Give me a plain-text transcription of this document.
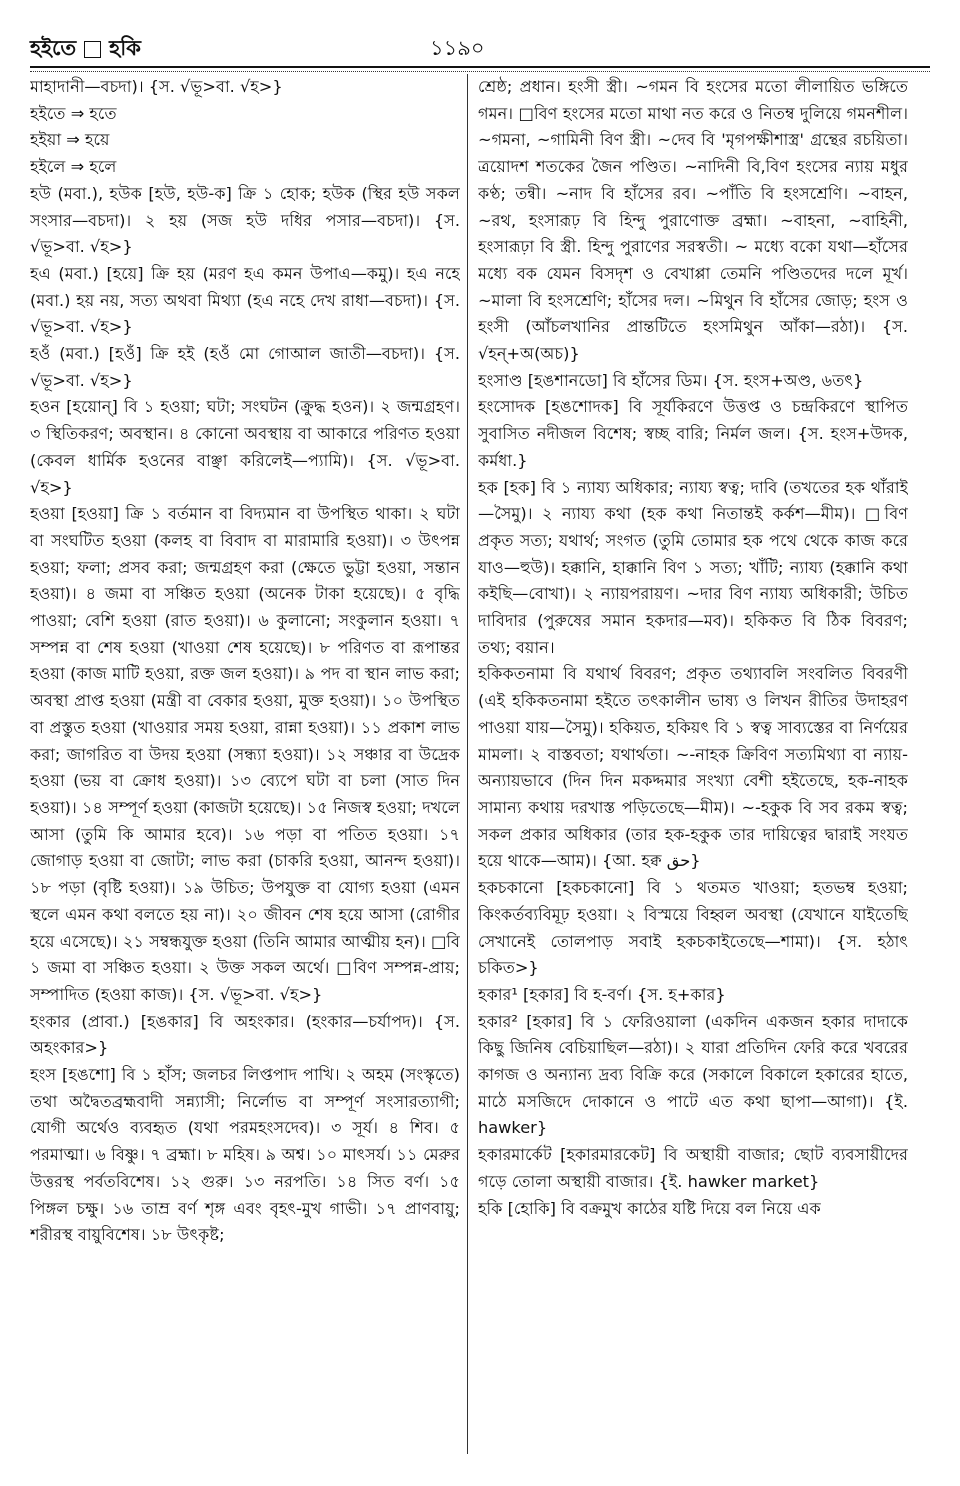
হইতে হকি	১১৯০

মাহাদানী—বচদা)। {স. √ভূ>বা. √হ>}

হইতে ⇒ হতে

হইয়া ⇒ হয়ে

হইলে ⇒ হলে

হউ (মবা.), হউক [হউ, হউ-ক] ক্রি ১ হোক; হউক (স্থির হউ সকল সংসার—বচদা)। ২ হয় (সজ হউ দধির পসার—বচদা)। {স. √ভূ>বা. √হ>}

হএ (মবা.) [হয়ে] ক্রি হয় (মরণ হএ কমন উপাএ—কমু)। হএ নহে (মবা.) হয় নয়, সত্য অথবা মিথ্যা (হএ নহে দেখ রাধা—বচদা)। {স. √ভূ>বা. √হ>}

হওঁ (মবা.) [হওঁ] ক্রি হই (হওঁ মো গোআল জাতী—বচদা)। {স. √ভূ>বা. √হ>}

হওন [হয়োন্] বি ১ হওয়া; ঘটা; সংঘটন (ক্রুদ্ধ হওন)। ২ জন্মগ্রহণ। ৩ স্থিতিকরণ; অবস্থান। ৪ কোনো অবস্থায় বা আকারে পরিণত হওয়া (কেবল ধার্মিক হওনের বাঞ্ছা করিলেই—প্যামি)। {স. √ভূ>বা. √হ>}

হওয়া [হওয়া] ক্রি ১ বর্তমান বা বিদ্যমান বা উপস্থিত থাকা। ২ ঘটা বা সংঘটিত হওয়া (কলহ বা বিবাদ বা মারামারি হওয়া)। ৩ উৎপন্ন হওয়া; ফলা; প্রসব করা; জন্মগ্রহণ করা (ক্ষেতে ভুট্টা হওয়া, সন্তান হওয়া)। ৪ জমা বা সঞ্চিত হওয়া (অনেক টাকা হয়েছে)। ৫ বৃদ্ধি পাওয়া; বেশি হওয়া (রাত হওয়া)। ৬ কুলানো; সংকুলান হওয়া। ৭ সম্পন্ন বা শেষ হওয়া (খাওয়া শেষ হয়েছে)। ৮ পরিণত বা রূপান্তর হওয়া (কাজ মাটি হওয়া, রক্ত জল হওয়া)। ৯ পদ বা স্থান লাভ করা; অবস্থা প্রাপ্ত হওয়া (মন্ত্রী বা বেকার হওয়া, মুক্ত হওয়া)। ১০ উপস্থিত বা প্রস্তুত হওয়া (খাওয়ার সময় হওয়া, রান্না হওয়া)। ১১ প্রকাশ লাভ করা; জাগরিত বা উদয় হওয়া (সন্ধ্যা হওয়া)। ১২ সঞ্চার বা উদ্রেক হওয়া (ভয় বা ক্রোধ হওয়া)। ১৩ ব্যেপে ঘটা বা চলা (সাত দিন হওয়া)। ১৪ সম্পূর্ণ হওয়া (কাজটা হয়েছে)। ১৫ নিজস্ব হওয়া; দখলে আসা (তুমি কি আমার হবে)। ১৬ পড়া বা পতিত হওয়া। ১৭ জোগাড় হওয়া বা জোটা; লাভ করা (চাকরি হওয়া, আনন্দ হওয়া)। ১৮ পড়া (বৃষ্টি হওয়া)। ১৯ উচিত; উপযুক্ত বা যোগ্য হওয়া (এমন স্থলে এমন কথা বলতে হয় না)। ২০ জীবন শেষ হয়ে আসা (রোগীর হয়ে এসেছে)। ২১ সম্বন্ধযুক্ত হওয়া (তিনি আমার আত্মীয় হন)। □বি ১ জমা বা সঞ্চিত হওয়া। ২ উক্ত সকল অর্থে। □বিণ সম্পন্ন-প্রায়; সম্পাদিত (হওয়া কাজ)। {স. √ভূ>বা. √হ>}

হংকার (প্রাবা.) [হঙকার] বি অহংকার। (হংকার—চর্যাপদ)। {স. অহংকার>}

হংস [হঙশো] বি ১ হাঁস; জলচর লিপ্তপাদ পাখি। ২ অহম (সংস্কৃতে) তথা অদ্বৈতব্রহ্মবাদী সন্ন্যাসী; নির্লোভ বা সম্পূর্ণ সংসারত্যাগী; যোগী অর্থেও ব্যবহৃত (যথা পরমহংসদেব)। ৩ সূর্য। ৪ শিব। ৫ পরমাত্মা। ৬ বিষ্ণু। ৭ ব্রহ্মা। ৮ মহিষ। ৯ অশ্ব। ১০ মাৎসর্য। ১১ মেরুর উত্তরস্থ পর্বতবিশেষ। ১২ গুরু। ১৩ নরপতি। ১৪ সিত বর্ণ। ১৫ পিঙ্গল চক্ষু। ১৬ তাম্র বর্ণ শৃঙ্গ এবং বৃহৎ-মুখ গাভী। ১৭ প্রাণবায়ু; শরীরস্থ বায়ুবিশেষ। ১৮ উৎকৃষ্ট;

শ্রেষ্ঠ; প্রধান। হংসী স্ত্রী। ~গমন বি হংসের মতো লীলায়িত ভঙ্গিতে গমন। □বিণ হংসের মতো মাথা নত করে ও নিতম্ব দুলিয়ে গমনশীল। ~গমনা, ~গামিনী বিণ স্ত্রী। ~দেব বি 'মৃগপক্ষীশাস্ত্র' গ্রন্থের রচয়িতা। ত্রয়োদশ শতকের জৈন পণ্ডিত। ~নাদিনী বি,বিণ হংসের ন্যায় মধুর কণ্ঠ; তন্বী। ~নাদ বি হাঁসের রব। ~পাঁতি বি হংসশ্রেণি। ~বাহন, ~রথ, হংসারূঢ় বি হিন্দু পুরাণোক্ত ব্রহ্মা। ~বাহনা, ~বাহিনী, হংসারূঢ়া বি স্ত্রী. হিন্দু পুরাণের সরস্বতী। ~ মধ্যে বকো যথা—হাঁসের মধ্যে বক যেমন বিসদৃশ ও বেখাপ্পা তেমনি পণ্ডিতদের দলে মূর্খ। ~মালা বি হংসশ্রেণি; হাঁসের দল। ~মিথুন বি হাঁসের জোড়; হংস ও হংসী (আঁচলখানির প্রান্তটিতে হংসমিথুন আঁকা—রঠা)। {স. √হন্+অ(অচ)}

হংসাণ্ড [হঙশানডো] বি হাঁসের ডিম। {স. হংস+অণ্ড, ৬তৎ}

হংসোদক [হঙশোদক] বি সূর্যকিরণে উত্তপ্ত ও চন্দ্রকিরণে স্থাপিত সুবাসিত নদীজল বিশেষ; স্বচ্ছ বারি; নির্মল জল। {স. হংস+উদক, কর্মধা.}

হক [হক] বি ১ ন্যায্য অধিকার; ন্যায্য স্বত্ব; দাবি (তখতের হক থাঁরাই—সৈমু)। ২ ন্যায্য কথা (হক কথা নিতান্তই কর্কশ—মীম)। □বিণ প্রকৃত সত্য; যথার্থ; সংগত (তুমি তোমার হক পথে থেকে কাজ করে যাও—হুউ)। হক্কানি, হাক্কানি বিণ ১ সত্য; খাঁটি; ন্যায্য (হক্কানি কথা কইছি—বোখা)। ২ ন্যায়পরায়ণ। ~দার বিণ ন্যায্য অধিকারী; উচিত দাবিদার (পুরুষের সমান হকদার—মব)। হকিকত বি ঠিক বিবরণ; তথ্য; বয়ান।

হকিকতনামা বি যথার্থ বিবরণ; প্রকৃত তথ্যাবলি সংবলিত বিবরণী (এই হকিকতনামা হইতে তৎকালীন ভাষ্য ও লিখন রীতির উদাহরণ পাওয়া যায়—সৈমু)। হকিয়ত, হকিয়ৎ বি ১ স্বত্ব সাব্যস্তের বা নির্ণয়ের মামলা। ২ বাস্তবতা; যথার্থতা। ~-নাহক ক্রিবিণ সত্যমিথ্যা বা ন্যায়-অন্যায়ভাবে (দিন দিন মকদ্দমার সংখ্যা বেশী হইতেছে, হক-নাহক সামান্য কথায় দরখাস্ত পড়িতেছে—মীম)। ~-হকুক বি সব রকম স্বত্ব; সকল প্রকার অধিকার (তার হক-হকুক তার দায়িত্বের দ্বারাই সংযত হয়ে থাকে—আম)। {আ. হক্ব حق}

হকচকানো [হকচকানো] বি ১ থতমত খাওয়া; হতভম্ব হওয়া; কিংকর্তব্যবিমূঢ় হওয়া। ২ বিস্ময়ে বিহ্বল অবস্থা (যেখানে যাইতেছি সেখানেই তোলপাড় সবাই হকচকাইতেছে—শামা)। {স. হঠাৎ চকিত>}

হকার¹ [হকার] বি হ-বর্ণ। {স. হ+কার}

হকার² [হকার] বি ১ ফেরিওয়ালা (একদিন একজন হকার দাদাকে কিছু জিনিষ বেচিয়াছিল—রঠা)। ২ যারা প্রতিদিন ফেরি করে খবরের কাগজ ও অন্যান্য দ্রব্য বিক্রি করে (সকালে বিকালে হকারের হাতে, মাঠে মসজিদে দোকানে ও পাটে এত কথা ছাপা—আগা)। {ই. hawker}

হকারমার্কেট [হকারমারকেট] বি অস্থায়ী বাজার; ছোট ব্যবসায়ীদের গড়ে তোলা অস্থায়ী বাজার। {ই. hawker market}

হকি [হোকি] বি বক্রমুখ কাঠের যষ্টি দিয়ে বল নিয়ে এক
